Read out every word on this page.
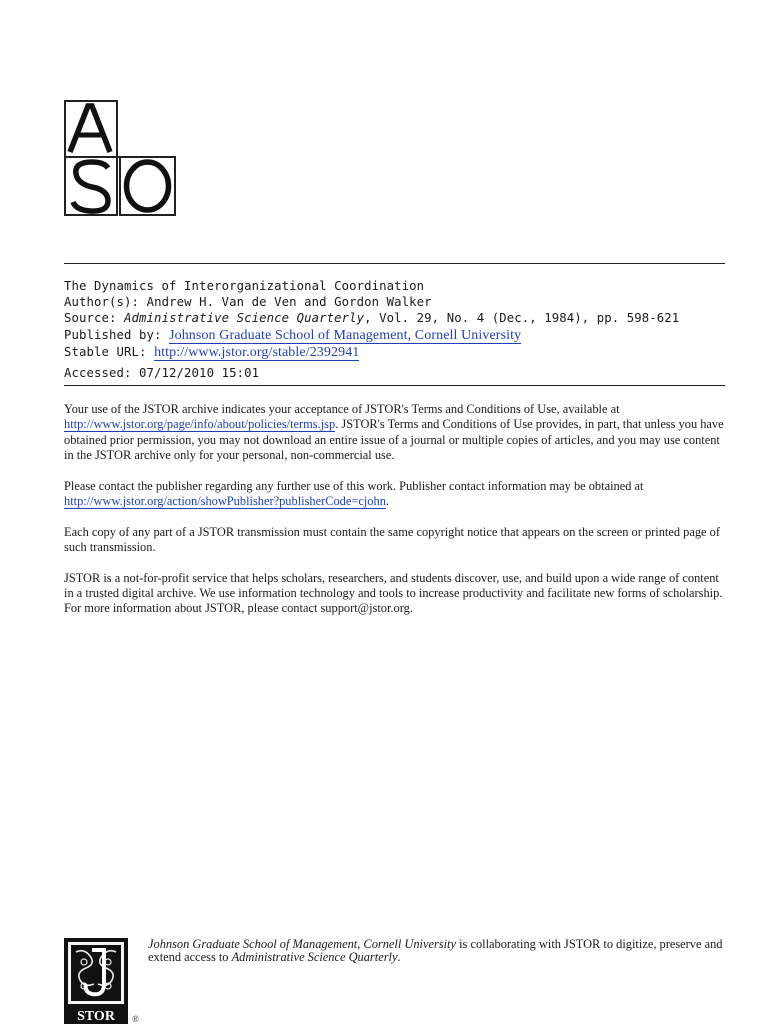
The Dynamics of Interorganizational Coordination
Author(s): Andrew H. Van de Ven and Gordon Walker
Source: Administrative Science Quarterly, Vol. 29, No. 4 (Dec., 1984), pp. 598-621
Published by: Johnson Graduate School of Management, Cornell University
Stable URL: http://www.jstor.org/stable/2392941
Accessed: 07/12/2010 15:01

Your use of the JSTOR archive indicates your acceptance of JSTOR's Terms and Conditions of Use, available at http://www.jstor.org/page/info/about/policies/terms.jsp. JSTOR's Terms and Conditions of Use provides, in part, that unless you have obtained prior permission, you may not download an entire issue of a journal or multiple copies of articles, and you may use content in the JSTOR archive only for your personal, non-commercial use.

Please contact the publisher regarding any further use of this work. Publisher contact information may be obtained at http://www.jstor.org/action/showPublisher?publisherCode=cjohn.

Each copy of any part of a JSTOR transmission must contain the same copyright notice that appears on the screen or printed page of such transmission.

JSTOR is a not-for-profit service that helps scholars, researchers, and students discover, use, and build upon a wide range of content in a trusted digital archive. We use information technology and tools to increase productivity and facilitate new forms of scholarship. For more information about JSTOR, please contact support@jstor.org.

STOR ®
Johnson Graduate School of Management, Cornell University is collaborating with JSTOR to digitize, preserve and extend access to Administrative Science Quarterly.
